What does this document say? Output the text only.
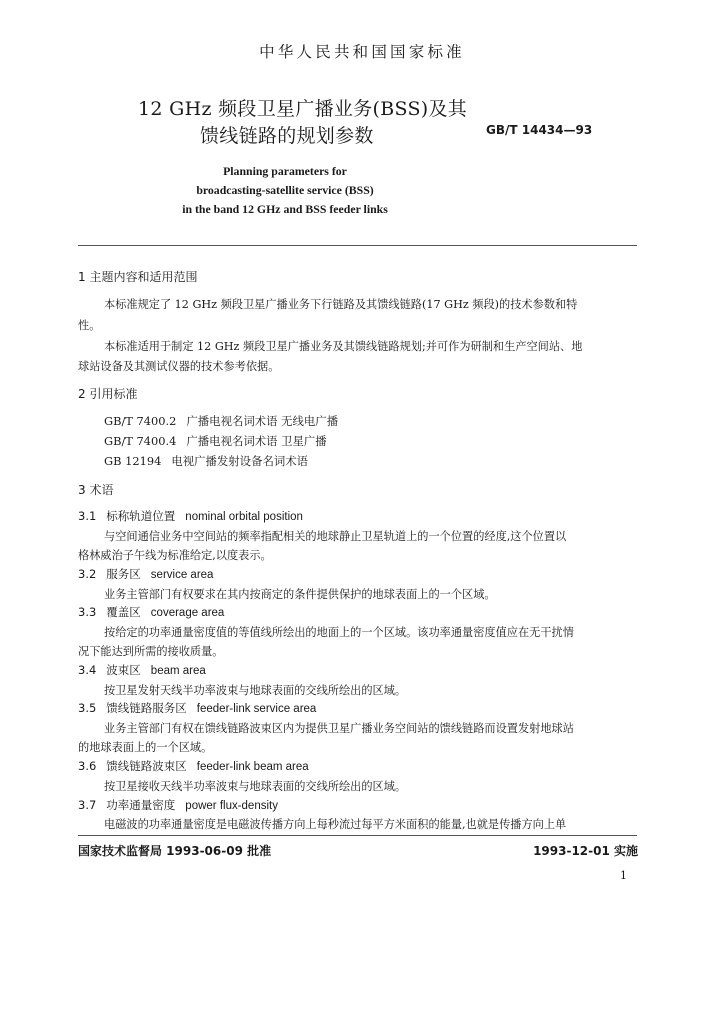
中华人民共和国国家标准
12 GHz 频段卫星广播业务(BSS)及其
馈线链路的规划参数	GB/T 14434—93
Planning parameters for
broadcasting-satellite service (BSS)
in the band 12 GHz and BSS feeder links
1 主题内容和适用范围
本标准规定了 12 GHz 频段卫星广播业务下行链路及其馈线链路(17 GHz 频段)的技术参数和特
性。
本标准适用于制定 12 GHz 频段卫星广播业务及其馈线链路规划;并可作为研制和生产空间站、地
球站设备及其测试仪器的技术参考依据。
2 引用标准
GB/T 7400.2 广播电视名词术语 无线电广播
GB/T 7400.4 广播电视名词术语 卫星广播
GB 12194 电视广播发射设备名词术语
3 术语
3.1 标称轨道位置 nominal orbital position
与空间通信业务中空间站的频率指配相关的地球静止卫星轨道上的一个位置的经度,这个位置以
格林威治子午线为标准给定,以度表示。
3.2 服务区 service area
业务主管部门有权要求在其内按商定的条件提供保护的地球表面上的一个区域。
3.3 覆盖区 coverage area
按给定的功率通量密度值的等值线所绘出的地面上的一个区域。该功率通量密度值应在无干扰情
况下能达到所需的接收质量。
3.4 波束区 beam area
按卫星发射天线半功率波束与地球表面的交线所绘出的区域。
3.5 馈线链路服务区 feeder-link service area
业务主管部门有权在馈线链路波束区内为提供卫星广播业务空间站的馈线链路而设置发射地球站
的地球表面上的一个区域。
3.6 馈线链路波束区 feeder-link beam area
按卫星接收天线半功率波束与地球表面的交线所绘出的区域。
3.7 功率通量密度 power flux-density
电磁波的功率通量密度是电磁波传播方向上每秒流过每平方米面积的能量,也就是传播方向上单
国家技术监督局 1993-06-09 批准	1993-12-01 实施
1
